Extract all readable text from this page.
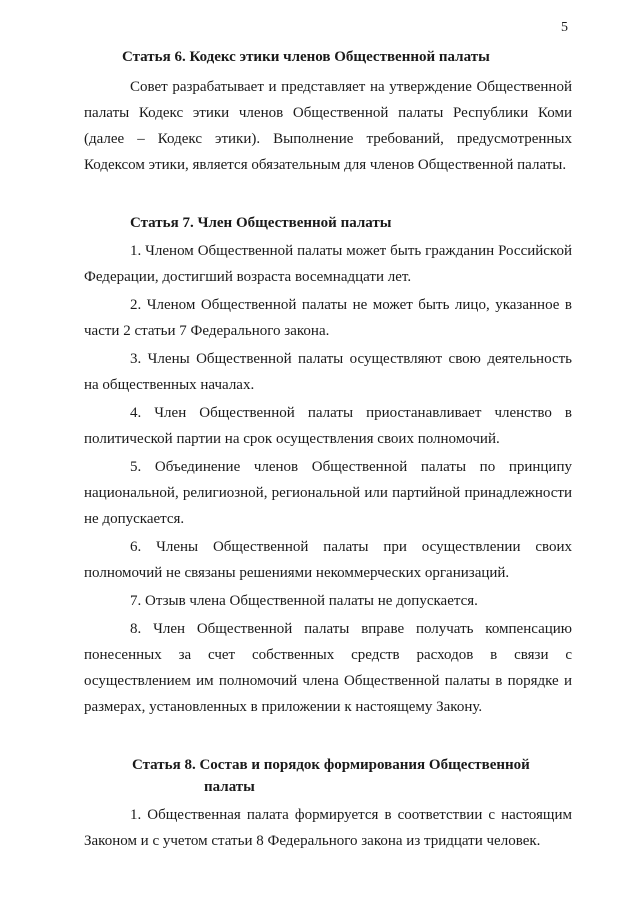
5
Статья 6. Кодекс этики членов Общественной палаты

Совет разрабатывает и представляет на утверждение Общественной палаты Кодекс этики членов Общественной палаты Республики Коми (далее – Кодекс этики). Выполнение требований, предусмотренных Кодексом этики, является обязательным для членов Общественной палаты.

Статья 7. Член Общественной палаты

1. Членом Общественной палаты может быть гражданин Российской Федерации, достигший возраста восемнадцати лет.

2. Членом Общественной палаты не может быть лицо, указанное в части 2 статьи 7 Федерального закона.

3. Члены Общественной палаты осуществляют свою деятельность на общественных началах.

4. Член Общественной палаты приостанавливает членство в политической партии на срок осуществления своих полномочий.

5. Объединение членов Общественной палаты по принципу национальной, религиозной, региональной или партийной принадлежности не допускается.

6. Члены Общественной палаты при осуществлении своих полномочий не связаны решениями некоммерческих организаций.

7. Отзыв члена Общественной палаты не допускается.

8. Член Общественной палаты вправе получать компенсацию понесенных за счет собственных средств расходов в связи с осуществлением им полномочий члена Общественной палаты в порядке и размерах, установленных в приложении к настоящему Закону.

Статья 8. Состав и порядок формирования Общественной
палаты

1. Общественная палата формируется в соответствии с настоящим Законом и с учетом статьи 8 Федерального закона из тридцати человек.
